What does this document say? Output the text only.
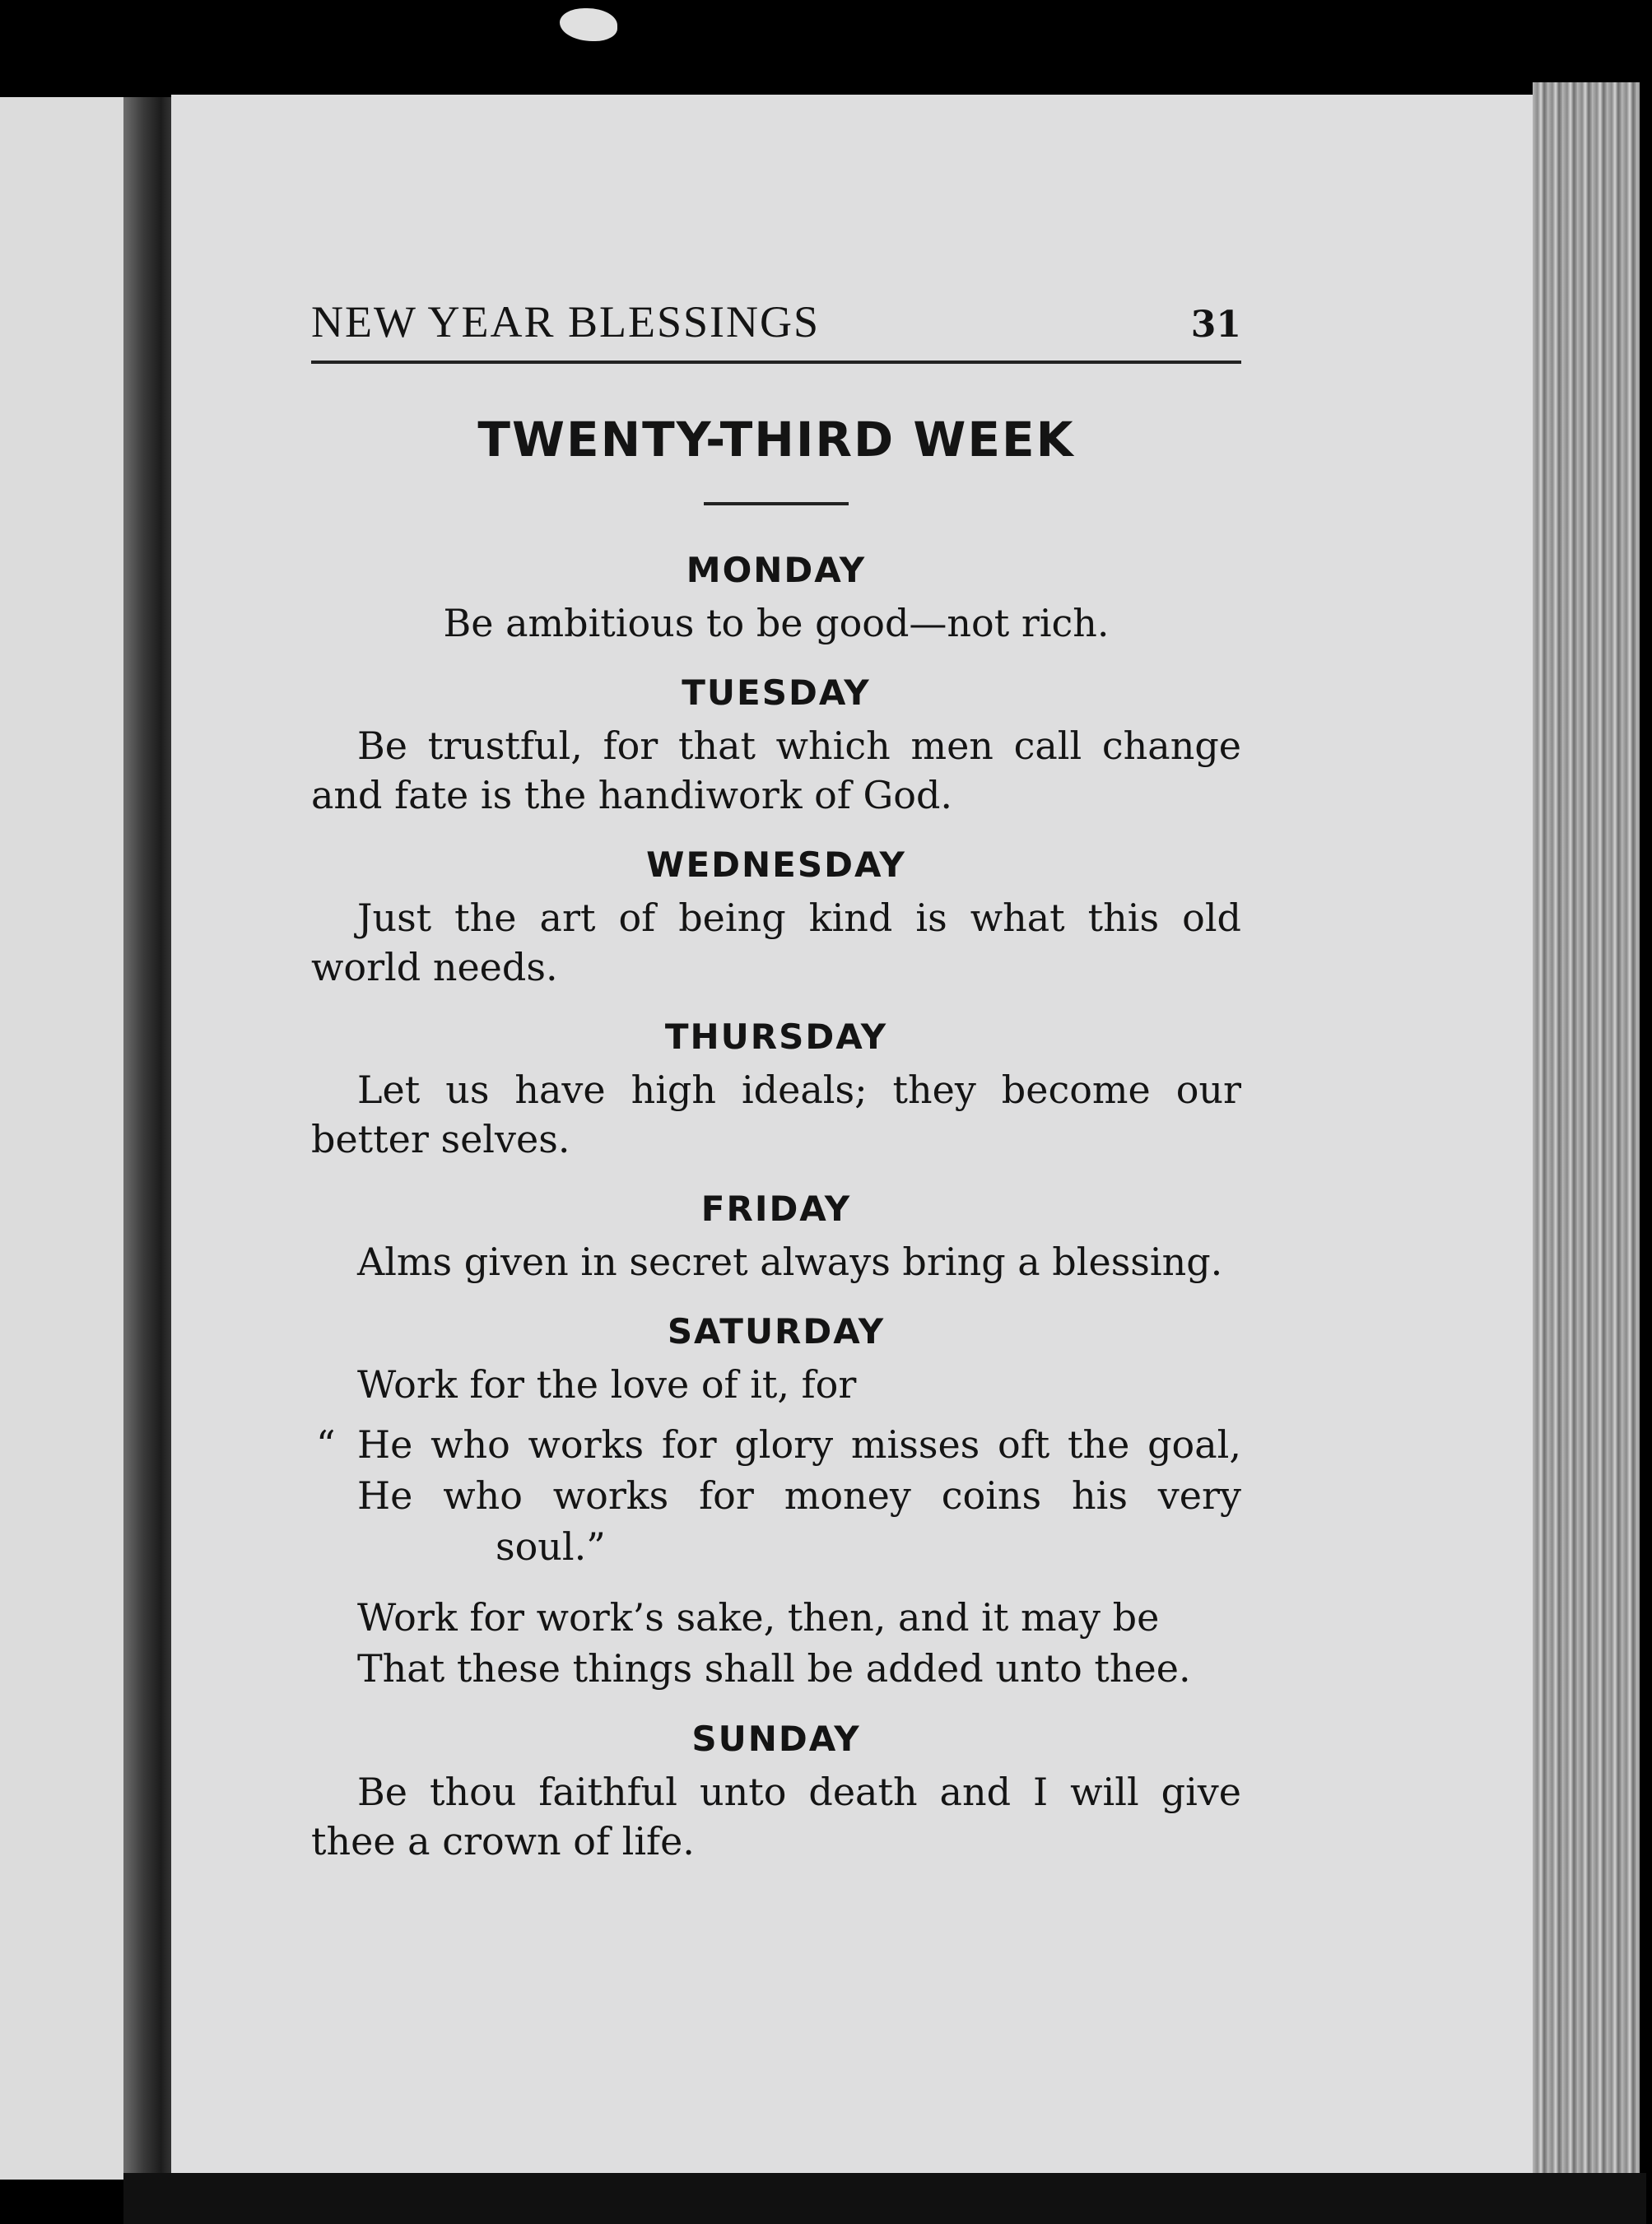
NEW YEAR BLESSINGS	31
TWENTY-THIRD WEEK
MONDAY

Be ambitious to be good—not rich.

TUESDAY

Be trustful, for that which men call change and fate is the handiwork of God.

WEDNESDAY

Just the art of being kind is what this old world needs.

THURSDAY

Let us have high ideals; they become our better selves.

FRIDAY

Alms given in secret always bring a blessing.

SATURDAY

Work for the love of it, for

“ He who works for glory misses oft the goal,
He who works for money coins his very
soul.”
Work for work’s sake, then, and it may be
That these things shall be added unto thee.
SUNDAY

Be thou faithful unto death and I will give thee a crown of life.
